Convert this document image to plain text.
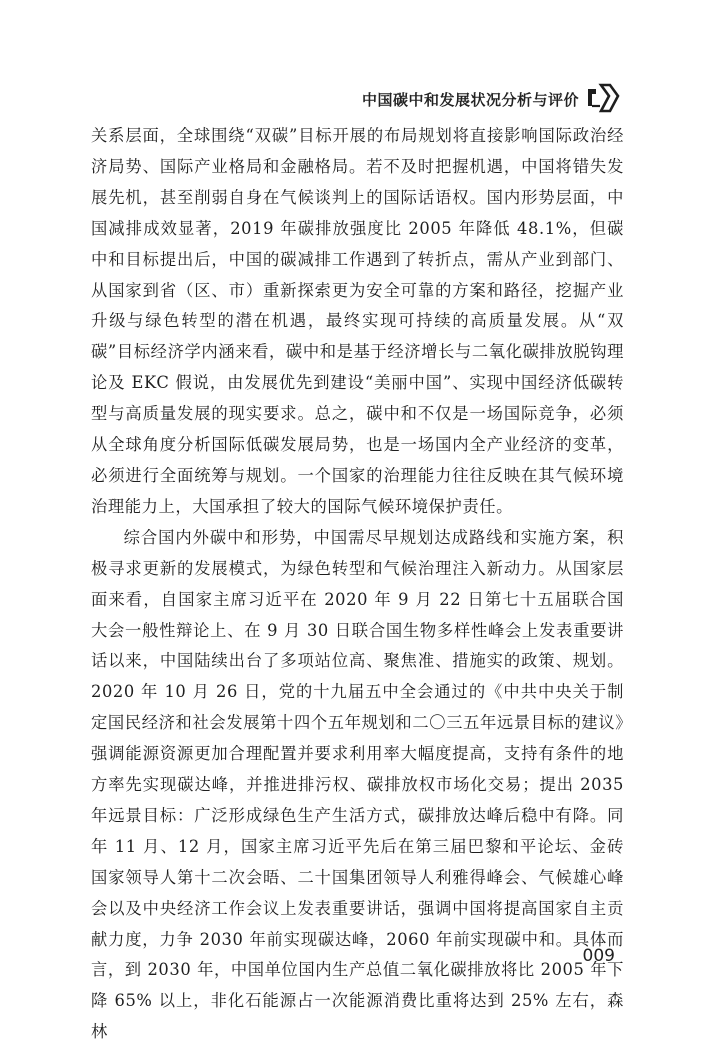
中国碳中和发展状况分析与评价

关系层面，全球围绕“双碳”目标开展的布局规划将直接影响国际政治经济局势、国际产业格局和金融格局。若不及时把握机遇，中国将错失发展先机，甚至削弱自身在气候谈判上的国际话语权。国内形势层面，中国减排成效显著，2019 年碳排放强度比 2005 年降低 48.1%，但碳中和目标提出后，中国的碳减排工作遇到了转折点，需从产业到部门、从国家到省（区、市）重新探索更为安全可靠的方案和路径，挖掘产业升级与绿色转型的潜在机遇，最终实现可持续的高质量发展。从“双碳”目标经济学内涵来看，碳中和是基于经济增长与二氧化碳排放脱钩理论及 EKC 假说，由发展优先到建设“美丽中国”、实现中国经济低碳转型与高质量发展的现实要求。总之，碳中和不仅是一场国际竞争，必须从全球角度分析国际低碳发展局势，也是一场国内全产业经济的变革，必须进行全面统筹与规划。一个国家的治理能力往往反映在其气候环境治理能力上，大国承担了较大的国际气候环境保护责任。

综合国内外碳中和形势，中国需尽早规划达成路线和实施方案，积极寻求更新的发展模式，为绿色转型和气候治理注入新动力。从国家层面来看，自国家主席习近平在 2020 年 9 月 22 日第七十五届联合国大会一般性辩论上、在 9 月 30 日联合国生物多样性峰会上发表重要讲话以来，中国陆续出台了多项站位高、聚焦准、措施实的政策、规划。2020 年 10 月 26 日，党的十九届五中全会通过的《中共中央关于制定国民经济和社会发展第十四个五年规划和二〇三五年远景目标的建议》强调能源资源更加合理配置并要求利用率大幅度提高，支持有条件的地方率先实现碳达峰，并推进排污权、碳排放权市场化交易；提出 2035 年远景目标：广泛形成绿色生产生活方式，碳排放达峰后稳中有降。同年 11 月、12 月，国家主席习近平先后在第三届巴黎和平论坛、金砖国家领导人第十二次会晤、二十国集团领导人利雅得峰会、气候雄心峰会以及中央经济工作会议上发表重要讲话，强调中国将提高国家自主贡献力度，力争 2030 年前实现碳达峰，2060 年前实现碳中和。具体而言，到 2030 年，中国单位国内生产总值二氧化碳排放将比 2005 年下降 65% 以上，非化石能源占一次能源消费比重将达到 25% 左右，森林

009
